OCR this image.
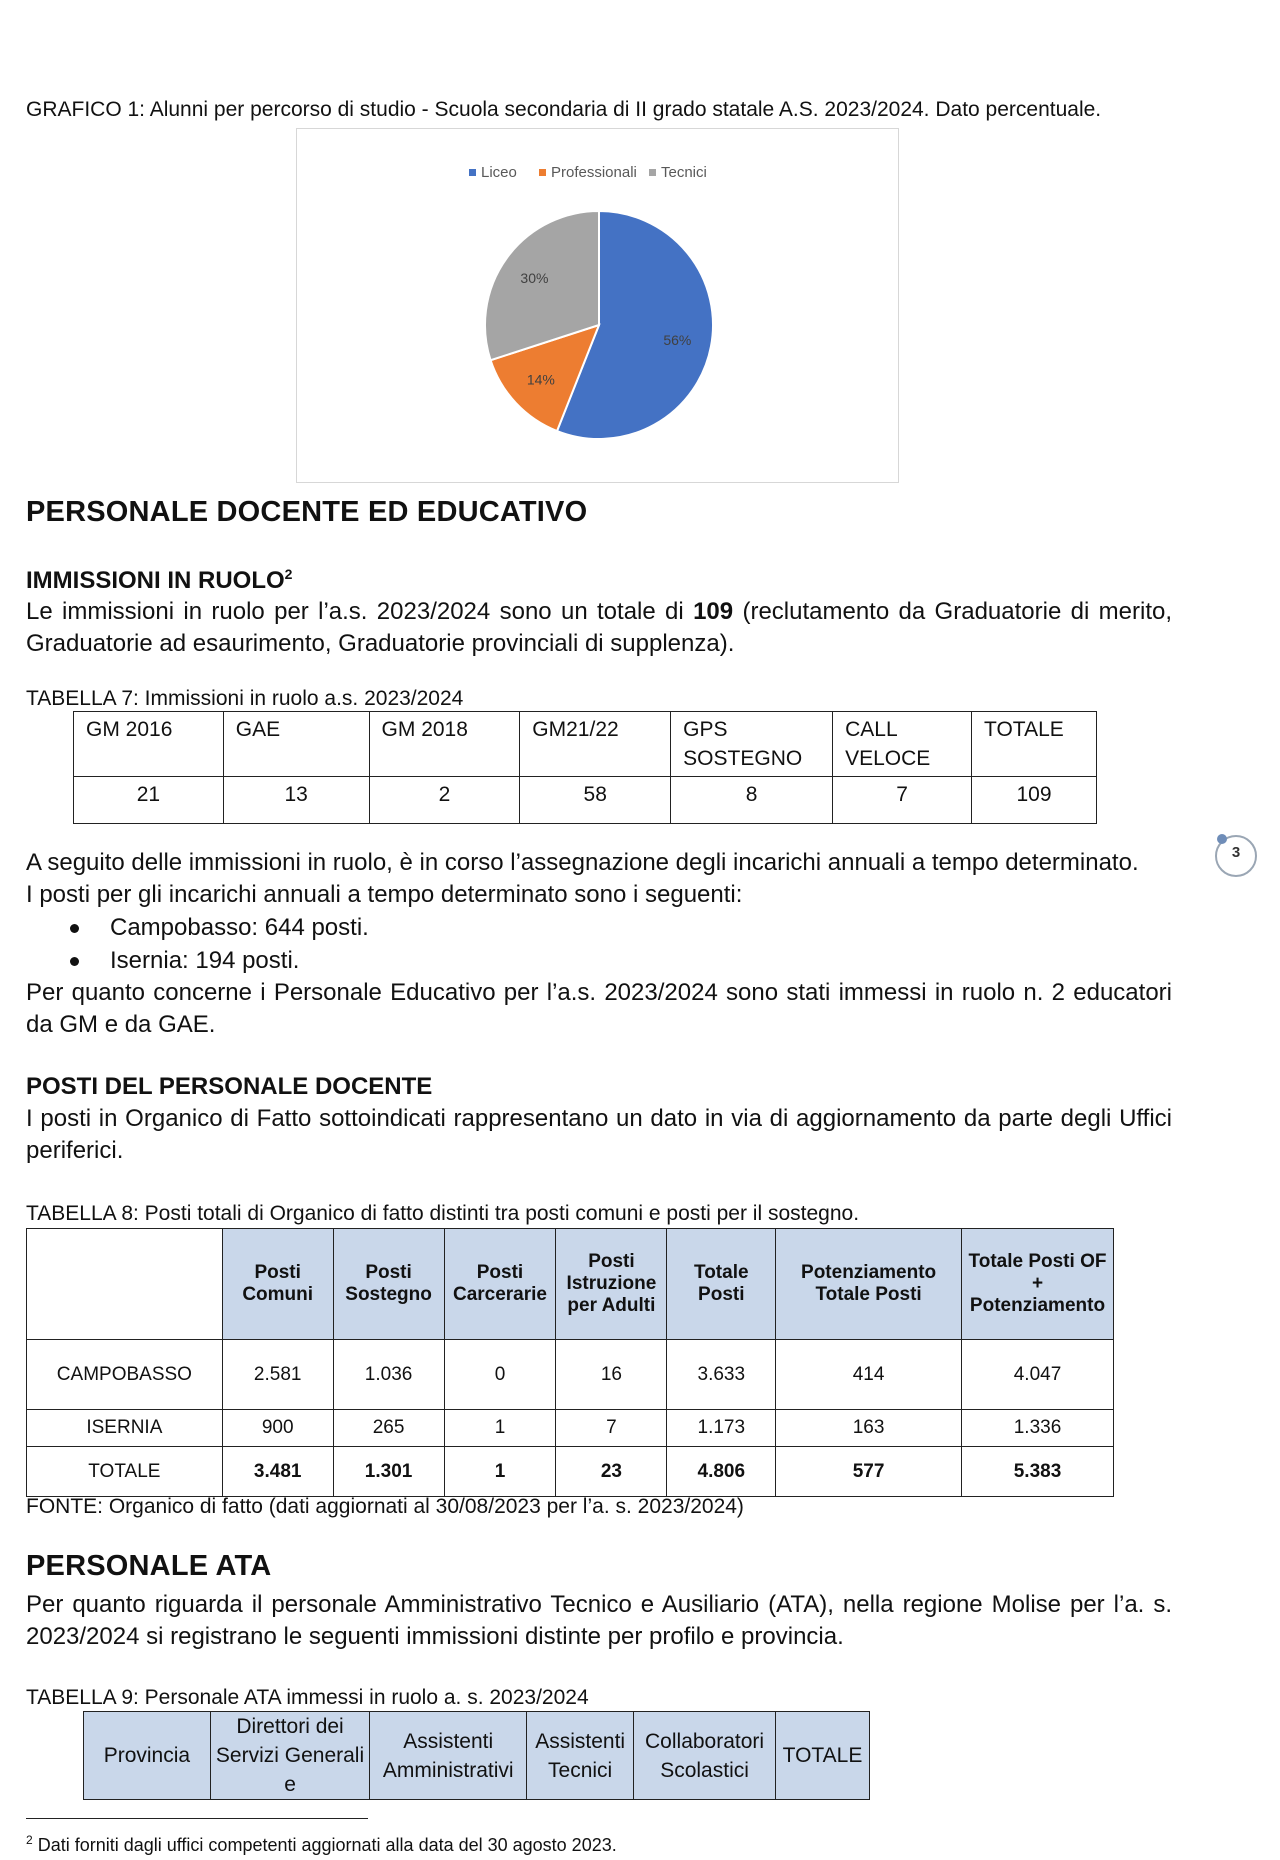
GRAFICO 1: Alunni per percorso di studio - Scuola secondaria di II grado statale A.S. 2023/2024. Dato percentuale.
56%
14%
30%
Liceo Professionali Tecnici
PERSONALE DOCENTE ED EDUCATIVO
IMMISSIONI IN RUOLO$^2$
Le immissioni in ruolo per l’a.s. 2023/2024 sono un totale di 109 (reclutamento da Graduatorie di merito, Graduatorie ad esaurimento, Graduatorie provinciali di supplenza).
TABELLA 7: Immissioni in ruolo a.s. 2023/2024
GM 2016	GAE	GM 2018	GM21/22	GPS SOSTEGNO	CALL VELOCE	TOTALE
21	13	2	58	8	7	109
3
A seguito delle immissioni in ruolo, è in corso l’assegnazione degli incarichi annuali a tempo determinato.
I posti per gli incarichi annuali a tempo determinato sono i seguenti:
Campobasso: 644 posti.
Isernia: 194 posti.
Per quanto concerne i Personale Educativo per l’a.s. 2023/2024 sono stati immessi in ruolo n. 2 educatori da GM e da GAE.
POSTI DEL PERSONALE DOCENTE
I posti in Organico di Fatto sottoindicati rappresentano un dato in via di aggiornamento da parte degli Uffici periferici.
TABELLA 8: Posti totali di Organico di fatto distinti tra posti comuni e posti per il sostegno.
	Posti Comuni	Posti Sostegno	Posti Carcerarie	Posti Istruzione per Adulti	Totale Posti	Potenziamento Totale Posti	Totale Posti OF + Potenziamento
CAMPOBASSO	2.581	1.036	0	16	3.633	414	4.047
ISERNIA	900	265	1	7	1.173	163	1.336
TOTALE	3.481	1.301	1	23	4.806	577	5.383
FONTE: Organico di fatto (dati aggiornati al 30/08/2023 per l’a. s. 2023/2024)
PERSONALE ATA
Per quanto riguarda il personale Amministrativo Tecnico e Ausiliario (ATA), nella regione Molise per l’a. s. 2023/2024 si registrano le seguenti immissioni distinte per profilo e provincia.
TABELLA 9: Personale ATA immessi in ruolo a. s. 2023/2024
Provincia	Direttori dei Servizi Generali e	Assistenti Amministrativi	Assistenti Tecnici	Collaboratori Scolastici	TOTALE
$^2$ Dati forniti dagli uffici competenti aggiornati alla data del 30 agosto 2023.
